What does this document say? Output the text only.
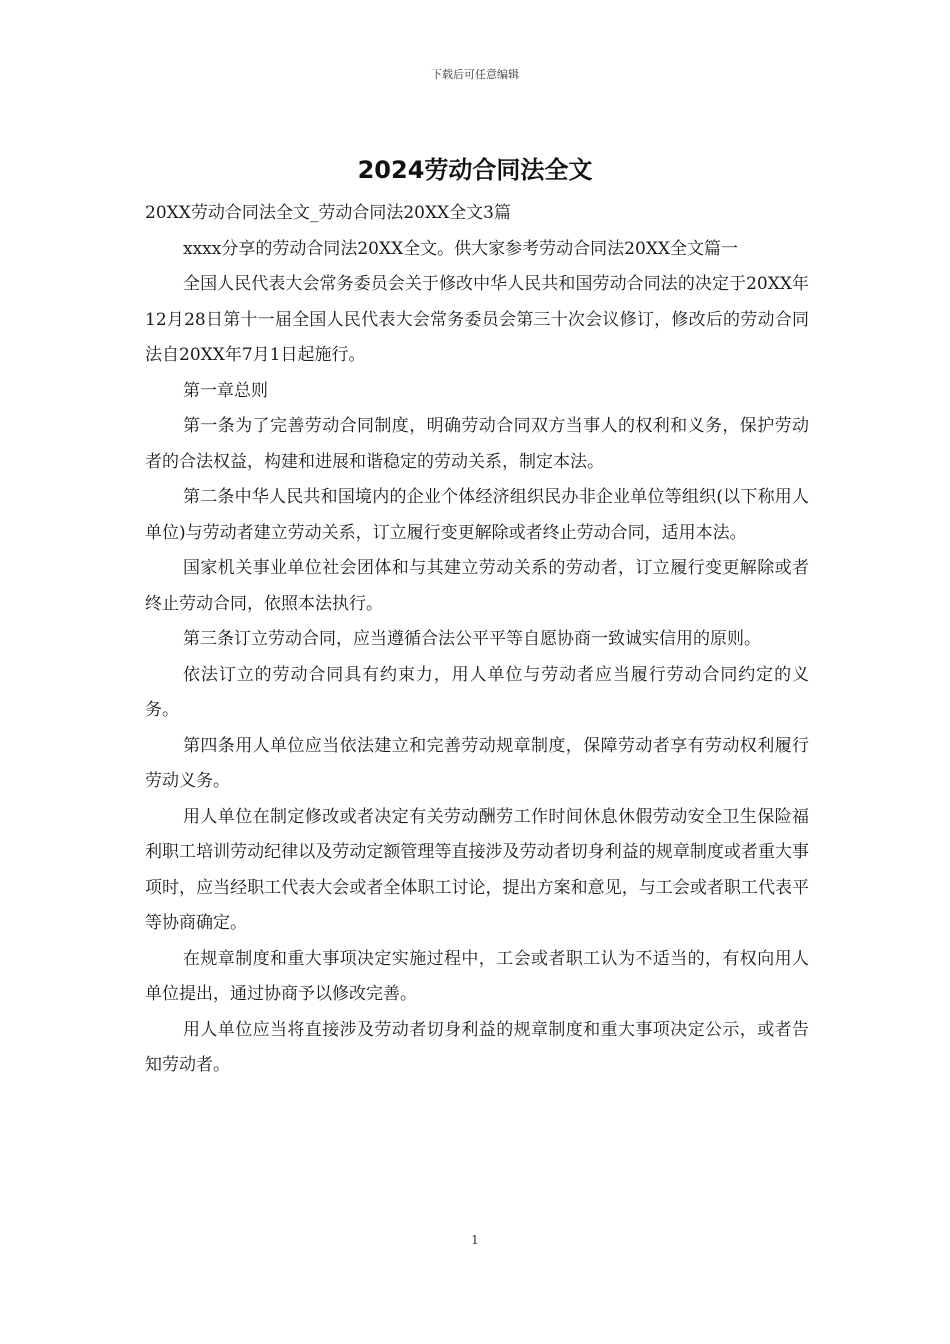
下载后可任意编辑
2024劳动合同法全文

20XX劳动合同法全文_劳动合同法20XX全文3篇

xxxx分享的劳动合同法20XX全文。供大家参考劳动合同法20XX全文篇一

全国人民代表大会常务委员会关于修改中华人民共和国劳动合同法的决定于20XX年12月28日第十一届全国人民代表大会常务委员会第三十次会议修订，修改后的劳动合同法自20XX年7月1日起施行。

第一章总则

第一条为了完善劳动合同制度，明确劳动合同双方当事人的权利和义务，保护劳动者的合法权益，构建和进展和谐稳定的劳动关系，制定本法。

第二条中华人民共和国境内的企业个体经济组织民办非企业单位等组织(以下称用人单位)与劳动者建立劳动关系，订立履行变更解除或者终止劳动合同，适用本法。

国家机关事业单位社会团体和与其建立劳动关系的劳动者，订立履行变更解除或者终止劳动合同，依照本法执行。

第三条订立劳动合同，应当遵循合法公平平等自愿协商一致诚实信用的原则。

依法订立的劳动合同具有约束力，用人单位与劳动者应当履行劳动合同约定的义务。

第四条用人单位应当依法建立和完善劳动规章制度，保障劳动者享有劳动权利履行劳动义务。

用人单位在制定修改或者决定有关劳动酬劳工作时间休息休假劳动安全卫生保险福利职工培训劳动纪律以及劳动定额管理等直接涉及劳动者切身利益的规章制度或者重大事项时，应当经职工代表大会或者全体职工讨论，提出方案和意见，与工会或者职工代表平等协商确定。

在规章制度和重大事项决定实施过程中，工会或者职工认为不适当的，有权向用人单位提出，通过协商予以修改完善。

用人单位应当将直接涉及劳动者切身利益的规章制度和重大事项决定公示，或者告知劳动者。

1
